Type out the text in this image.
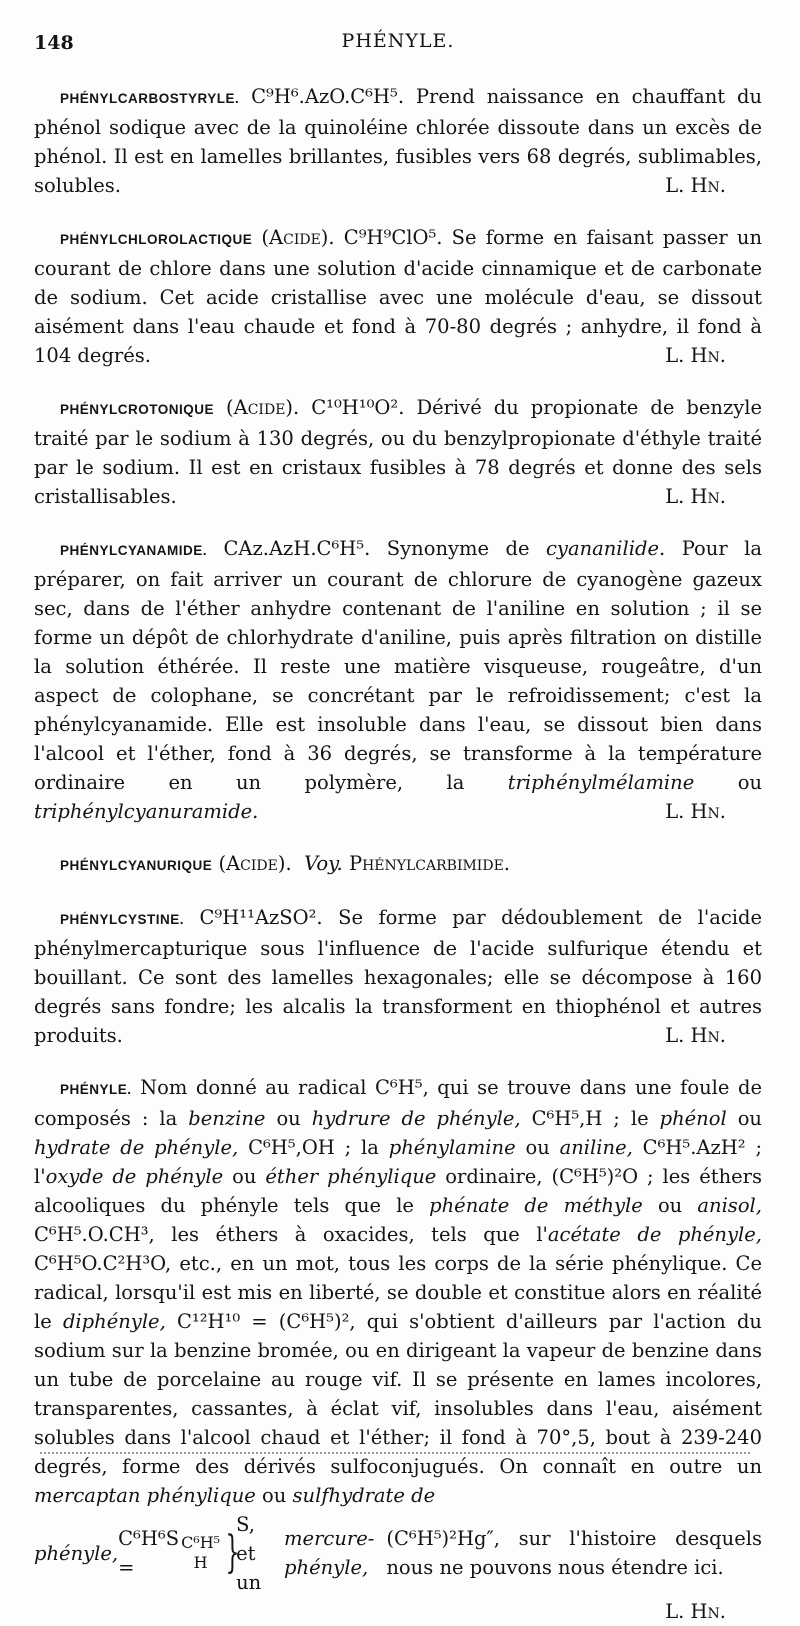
148	PHÉNYLE.

PHÉNYLCARBOSTYRYLE. C⁹H⁶.AzO.C⁶H⁵. Prend naissance en chauffant du phénol sodique avec de la quinoléine chlorée dissoute dans un excès de phénol. Il est en lamelles brillantes, fusibles vers 68 degrés, sublimables, solubles.	L. Hn.

PHÉNYLCHLOROLACTIQUE (Acide). C⁹H⁹ClO⁵. Se forme en faisant passer un courant de chlore dans une solution d'acide cinnamique et de carbonate de sodium. Cet acide cristallise avec une molécule d'eau, se dissout aisément dans l'eau chaude et fond à 70-80 degrés ; anhydre, il fond à 104 degrés.	L. Hn.

PHÉNYLCROTONIQUE (Acide). C¹⁰H¹⁰O². Dérivé du propionate de benzyle traité par le sodium à 130 degrés, ou du benzylpropionate d'éthyle traité par le sodium. Il est en cristaux fusibles à 78 degrés et donne des sels cristallisables.	L. Hn.

PHÉNYLCYANAMIDE. CAz.AzH.C⁶H⁵. Synonyme de cyananilide. Pour la préparer, on fait arriver un courant de chlorure de cyanogène gazeux sec, dans de l'éther anhydre contenant de l'aniline en solution ; il se forme un dépôt de chlorhydrate d'aniline, puis après filtration on distille la solution éthérée. Il reste une matière visqueuse, rougeâtre, d'un aspect de colophane, se concrétant par le refroidissement; c'est la phénylcyanamide. Elle est insoluble dans l'eau, se dissout bien dans l'alcool et l'éther, fond à 36 degrés, se transforme à la température ordinaire en un polymère, la triphénylmélamine ou triphénylcyanuramide.	L. Hn.

PHÉNYLCYANURIQUE (Acide). Voy. Phénylcarbimide.

PHÉNYLCYSTINE. C⁹H¹¹AzSO². Se forme par dédoublement de l'acide phénylmercapturique sous l'influence de l'acide sulfurique étendu et bouillant. Ce sont des lamelles hexagonales; elle se décompose à 160 degrés sans fondre; les alcalis la transforment en thiophénol et autres produits.	L. Hn.

PHÉNYLE. Nom donné au radical C⁶H⁵, qui se trouve dans une foule de composés : la benzine ou hydrure de phényle, C⁶H⁵,H ; le phénol ou hydrate de phényle, C⁶H⁵,OH ; la phénylamine ou aniline, C⁶H⁵.AzH² ; l'oxyde de phényle ou éther phénylique ordinaire, (C⁶H⁵)²O ; les éthers alcooliques du phényle tels que le phénate de méthyle ou anisol, C⁶H⁵.O.CH³, les éthers à oxacides, tels que l'acétate de phényle, C⁶H⁵O.C²H³O, etc., en un mot, tous les corps de la série phénylique. Ce radical, lorsqu'il est mis en liberté, se double et constitue alors en réalité le diphényle, C¹²H¹⁰ = (C⁶H⁵)², qui s'obtient d'ailleurs par l'action du sodium sur la benzine bromée, ou en dirigeant la vapeur de benzine dans un tube de porcelaine au rouge vif. Il se présente en lames incolores, transparentes, cassantes, à éclat vif, insolubles dans l'eau, aisément solubles dans l'alcool chaud et l'éther; il fond à 70°,5, bout à 239-240 degrés, forme des dérivés sulfoconjugués. On connaît en outre un mercaptan phénylique ou sulfhydrate de
phényle,
C⁶H⁶S =
C⁶H⁵
H }
S, et un

mercure-phényle,

(C⁶H⁵)²Hg″, sur l'histoire desquels nous ne pouvons nous étendre ici.
L. Hn.
